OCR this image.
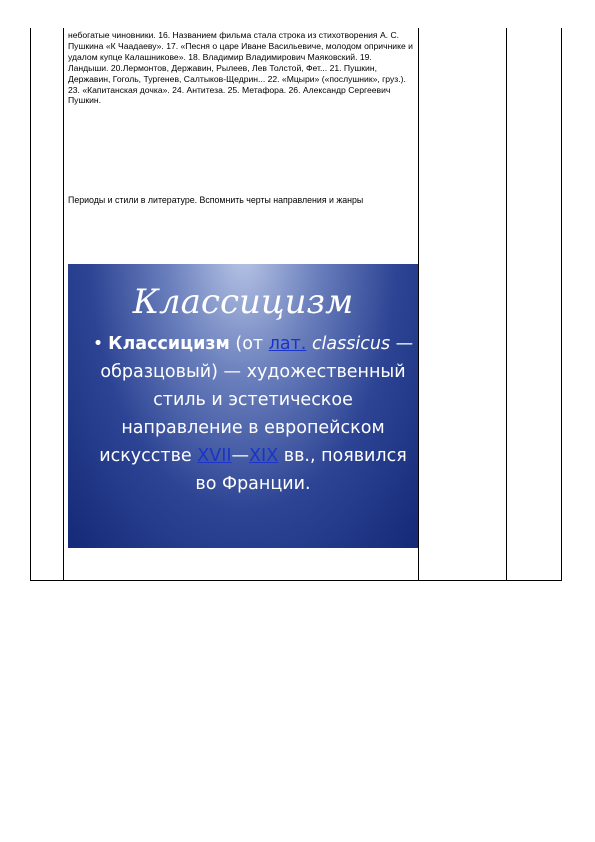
небогатые чиновники. 16. Названием фильма стала строка из стихотворения А. С. Пушкина «К Чаадаеву». 17. «Песня о царе Иване Васильевиче, молодом опричнике и удалом купце Калашникове». 18. Владимир Владимирович Маяковский. 19. Ландыши. 20.Лермонтов, Державин, Рылеев, Лев Толстой, Фет... 21. Пушкин, Державин, Гоголь, Тургенев, Салтыков-Щедрин... 22. «Мцыри» («послушник», груз.). 23. «Капитанская дочка». 24. Антитеза. 25. Метафора. 26. Александр Сергеевич Пушкин.
Периоды и стили в литературе. Вспомнить черты направления и жанры
Классицизм
• Классицизм (от лат. classicus — образцовый) — художественный стиль и эстетическое направление в европейском искусстве XVII—XIX вв., появился во Франции.
